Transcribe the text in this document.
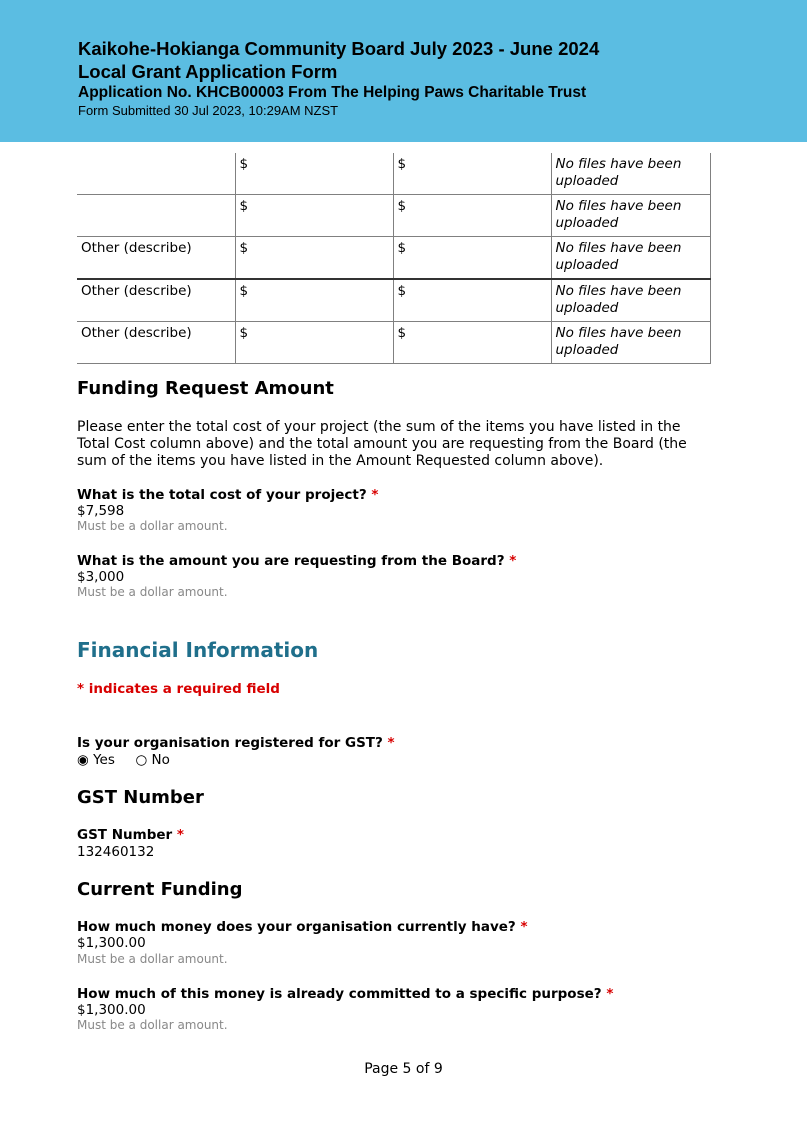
Kaikohe-Hokianga Community Board July 2023 - June 2024
Local Grant Application Form
Application No. KHCB00003 From The Helping Paws Charitable Trust
Form Submitted 30 Jul 2023, 10:29AM NZST
	$	$	No files have been uploaded
	$	$	No files have been uploaded
Other (describe)	$	$	No files have been uploaded
Other (describe)	$	$	No files have been uploaded
Other (describe)	$	$	No files have been uploaded
Funding Request Amount
Please enter the total cost of your project (the sum of the items you have listed in the Total Cost column above) and the total amount you are requesting from the Board (the sum of the items you have listed in the Amount Requested column above).
What is the total cost of your project? *
$7,598
Must be a dollar amount.
What is the amount you are requesting from the Board? *
$3,000
Must be a dollar amount.
Financial Information
* indicates a required field
Is your organisation registered for GST? *
◉ Yes ○ No
GST Number
GST Number *
132460132
Current Funding
How much money does your organisation currently have? *
$1,300.00
Must be a dollar amount.
How much of this money is already committed to a specific purpose? *
$1,300.00
Must be a dollar amount.
Page 5 of 9
